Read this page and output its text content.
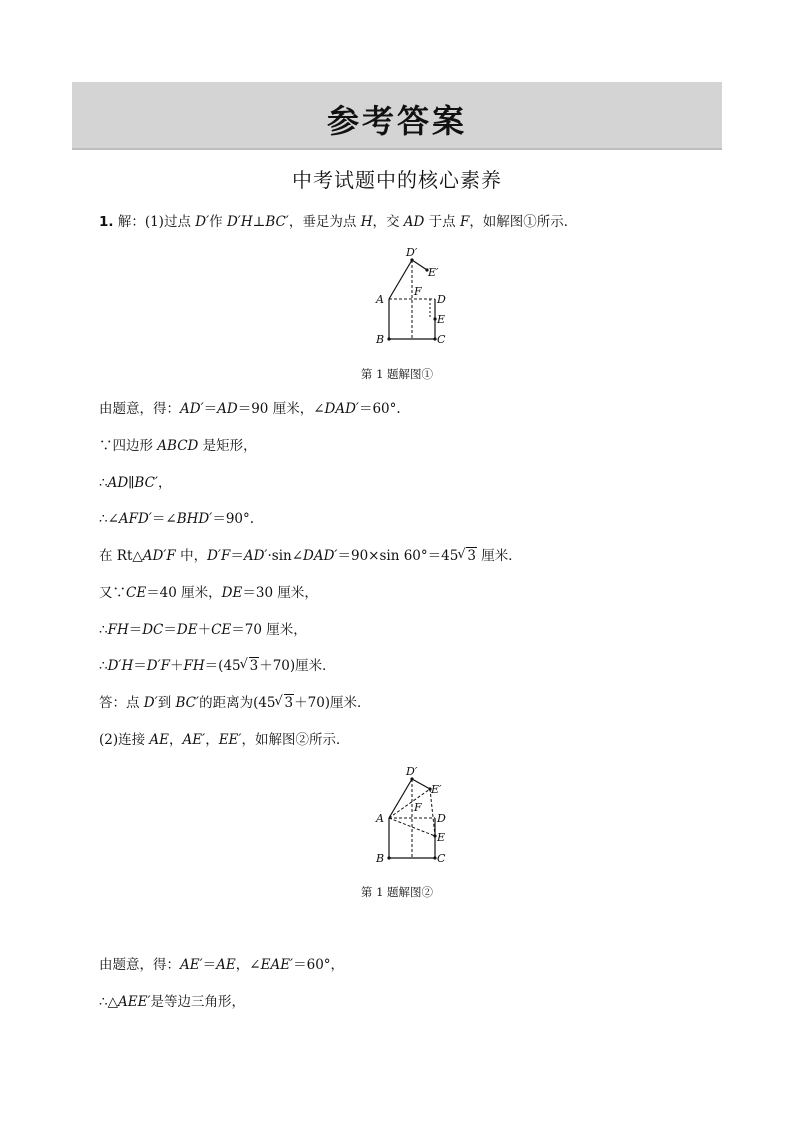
参考答案
中考试题中的核心素养
1. 解：(1)过点 D′作 D′H⊥BC′，垂足为点 H，交 AD 于点 F，如解图①所示．
D′
E′
A
F
D
E
B	C
第 1 题解图①
由题意，得：AD′＝AD＝90 厘米，∠DAD′＝60°.
∵四边形 ABCD 是矩形，
∴AD∥BC′，
∴∠AFD′＝∠BHD′＝90°.
在 Rt△AD′F 中，D′F＝AD′·sin∠DAD′＝90×sin 60°＝45 √ 3 厘米．
又∵CE＝40 厘米，DE＝30 厘米，
∴FH＝DC＝DE＋CE＝70 厘米，
∴D′H＝D′F＋FH＝(45 √ 3＋70)厘米．
答：点 D′到 BC′的距离为(45 √ 3＋70)厘米．
(2)连接 AE，AE′，EE′，如解图②所示．
D′
E′
A
F
D
E
B	C
第 1 题解图②
由题意，得：AE′＝AE，∠EAE′＝60°，
∴△AEE′是等边三角形，
